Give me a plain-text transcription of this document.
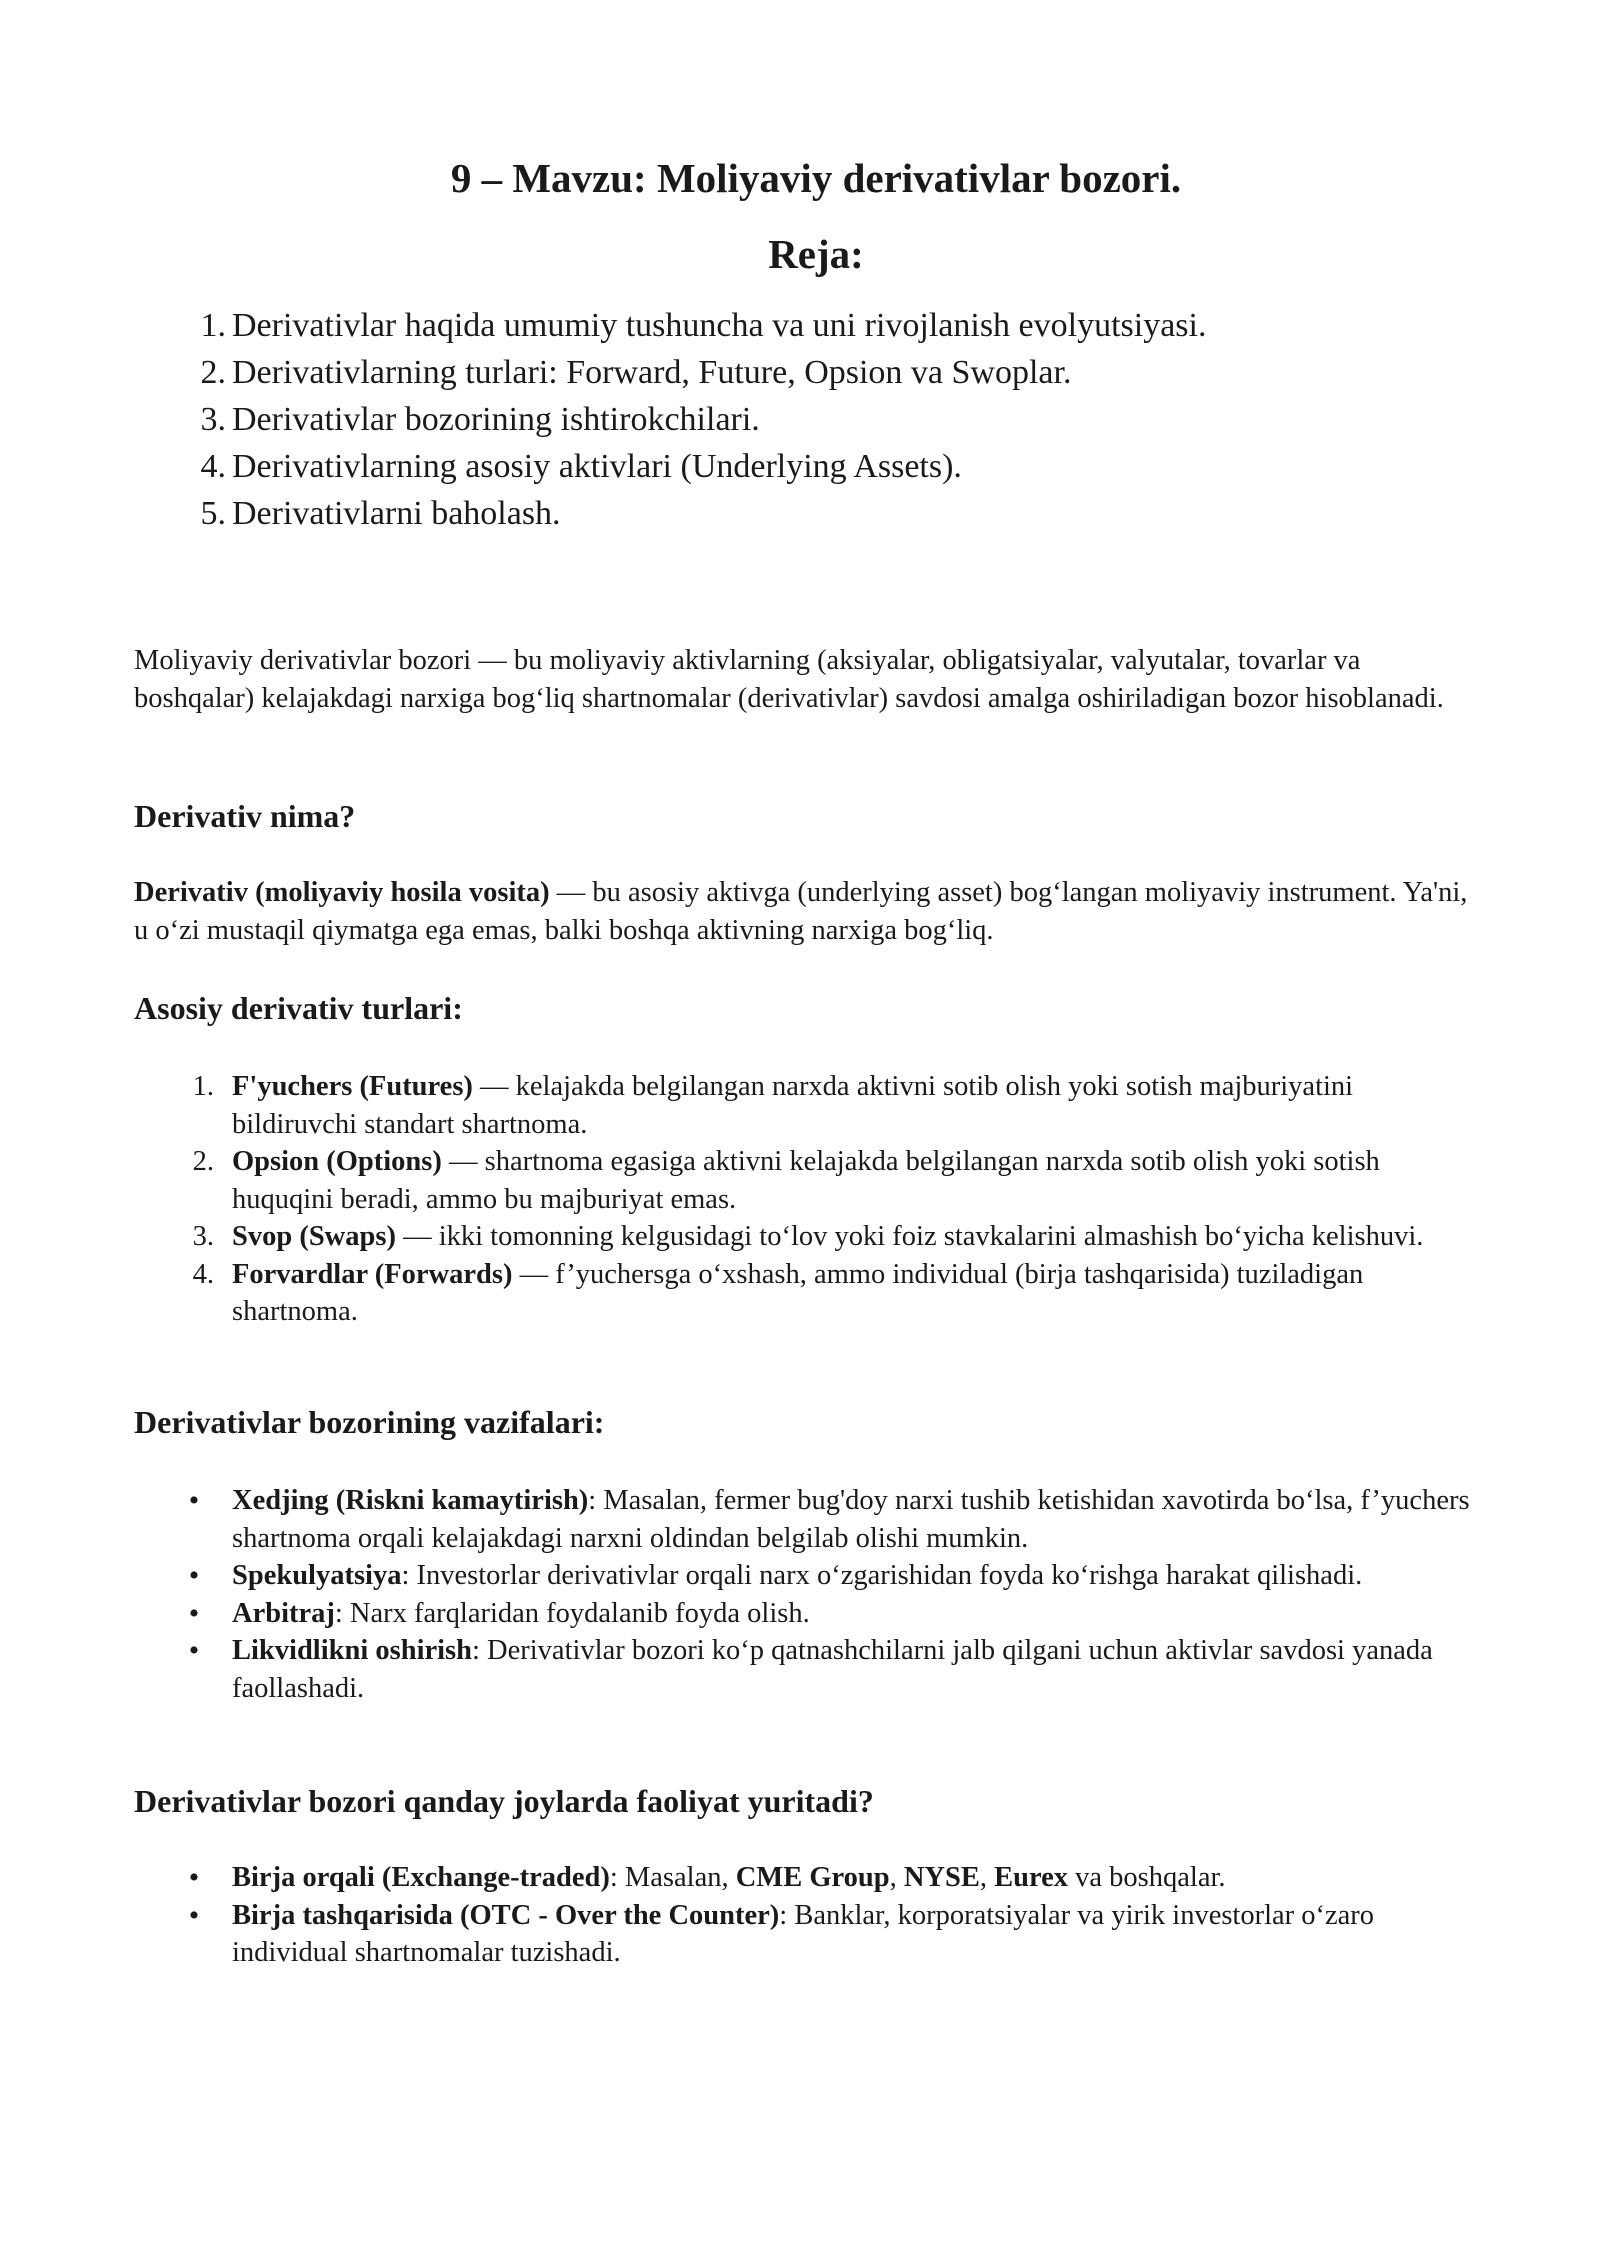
9 – Mavzu: Moliyaviy derivativlar bozori.
Reja:
1. Derivativlar haqida umumiy tushuncha va uni rivojlanish evolyutsiyasi.
2. Derivativlarning turlari: Forward, Future, Opsion va Swoplar.
3. Derivativlar bozorining ishtirokchilari.
4. Derivativlarning asosiy aktivlari (Underlying Assets).
5. Derivativlarni baholash.

Moliyaviy derivativlar bozori — bu moliyaviy aktivlarning (aksiyalar, obligatsiyalar, valyutalar, tovarlar va boshqalar) kelajakdagi narxiga bog‘liq shartnomalar (derivativlar) savdosi amalga oshiriladigan bozor hisoblanadi.

Derivativ nima?

Derivativ (moliyaviy hosila vosita) — bu asosiy aktivga (underlying asset) bog‘langan moliyaviy instrument. Ya'ni, u o‘zi mustaqil qiymatga ega emas, balki boshqa aktivning narxiga bog‘liq.

Asosiy derivativ turlari:
1. F'yuchers (Futures) — kelajakda belgilangan narxda aktivni sotib olish yoki sotish majburiyatini bildiruvchi standart shartnoma.
2. Opsion (Options) — shartnoma egasiga aktivni kelajakda belgilangan narxda sotib olish yoki sotish huquqini beradi, ammo bu majburiyat emas.
3. Svop (Swaps) — ikki tomonning kelgusidagi to‘lov yoki foiz stavkalarini almashish bo‘yicha kelishuvi.
4. Forvardlar (Forwards) — f’yuchersga o‘xshash, ammo individual (birja tashqarisida) tuziladigan shartnoma.
Derivativlar bozorining vazifalari:
• Xedjing (Riskni kamaytirish): Masalan, fermer bug'doy narxi tushib ketishidan xavotirda bo‘lsa, f’yuchers shartnoma orqali kelajakdagi narxni oldindan belgilab olishi mumkin.
• Spekulyatsiya: Investorlar derivativlar orqali narx o‘zgarishidan foyda ko‘rishga harakat qilishadi.
• Arbitraj: Narx farqlaridan foydalanib foyda olish.
• Likvidlikni oshirish: Derivativlar bozori ko‘p qatnashchilarni jalb qilgani uchun aktivlar savdosi yanada faollashadi.
Derivativlar bozori qanday joylarda faoliyat yuritadi?
• Birja orqali (Exchange-traded): Masalan, CME Group, NYSE, Eurex va boshqalar.
• Birja tashqarisida (OTC - Over the Counter): Banklar, korporatsiyalar va yirik investorlar o‘zaro individual shartnomalar tuzishadi.
